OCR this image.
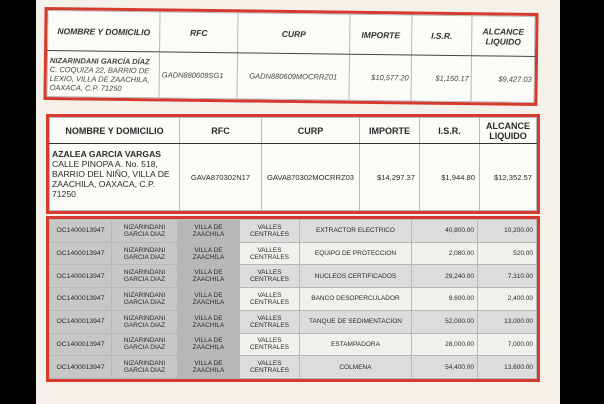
NOMBRE Y DOMICILIO	RFC	CURP	IMPORTE	I.S.R.	ALCANCE LIQUIDO
NIZARINDANI GARCÍA DÍAZ
C. COQUIZA 22, BARRIO DE LEXIO, VILLA DE ZAACHILA, OAXACA, C.P. 71250	GADN880609SG1	GADN880609MOCRRZ01	$10,577.20	$1,150.17	$9,427.03
NOMBRE Y DOMICILIO	RFC	CURP	IMPORTE	I.S.R.	ALCANCE LIQUIDO

AZALEA GARCIA VARGAS
CALLE PINOPA A. No. 518, BARRIO DEL NIÑO, VILLA DE ZAACHILA, OAXACA, C.P. 71250	GAVA870302N17	GAVA870302MOCRRZ03	$14,297.37	$1,944.80	$12,352.57
OC1400013947	NIZARINDANI GARCIA DIAZ	VILLA DE ZAACHILA	VALLES CENTRALES	EXTRACTOR ELECTRICO	40,800.00	10,200.00
OC1400013947	NIZARINDANI GARCIA DIAZ	VILLA DE ZAACHILA	VALLES CENTRALES	EQUIPO DE PROTECCION	2,080.00	520.00
OC1400013947	NIZARINDANI GARCIA DIAZ	VILLA DE ZAACHILA	VALLES CENTRALES	NUCLEOS CERTIFICADOS	29,240.00	7,310.00
OC1400013947	NIZARINDANI GARCIA DIAZ	VILLA DE ZAACHILA	VALLES CENTRALES	BANCO DESOPERCULADOR	9,600.00	2,400.00
OC1400013947	NIZARINDANI GARCIA DIAZ	VILLA DE ZAACHILA	VALLES CENTRALES	TANQUE DE SEDIMENTACION	52,000.00	13,000.00
OC1400013947	NIZARINDANI GARCIA DIAZ	VILLA DE ZAACHILA	VALLES CENTRALES	ESTAMPADORA	28,000.00	7,000.00
OC1400013947	NIZARINDANI GARCIA DIAZ	VILLA DE ZAACHILA	VALLES CENTRALES	COLMENA	54,400.00	13,600.00
